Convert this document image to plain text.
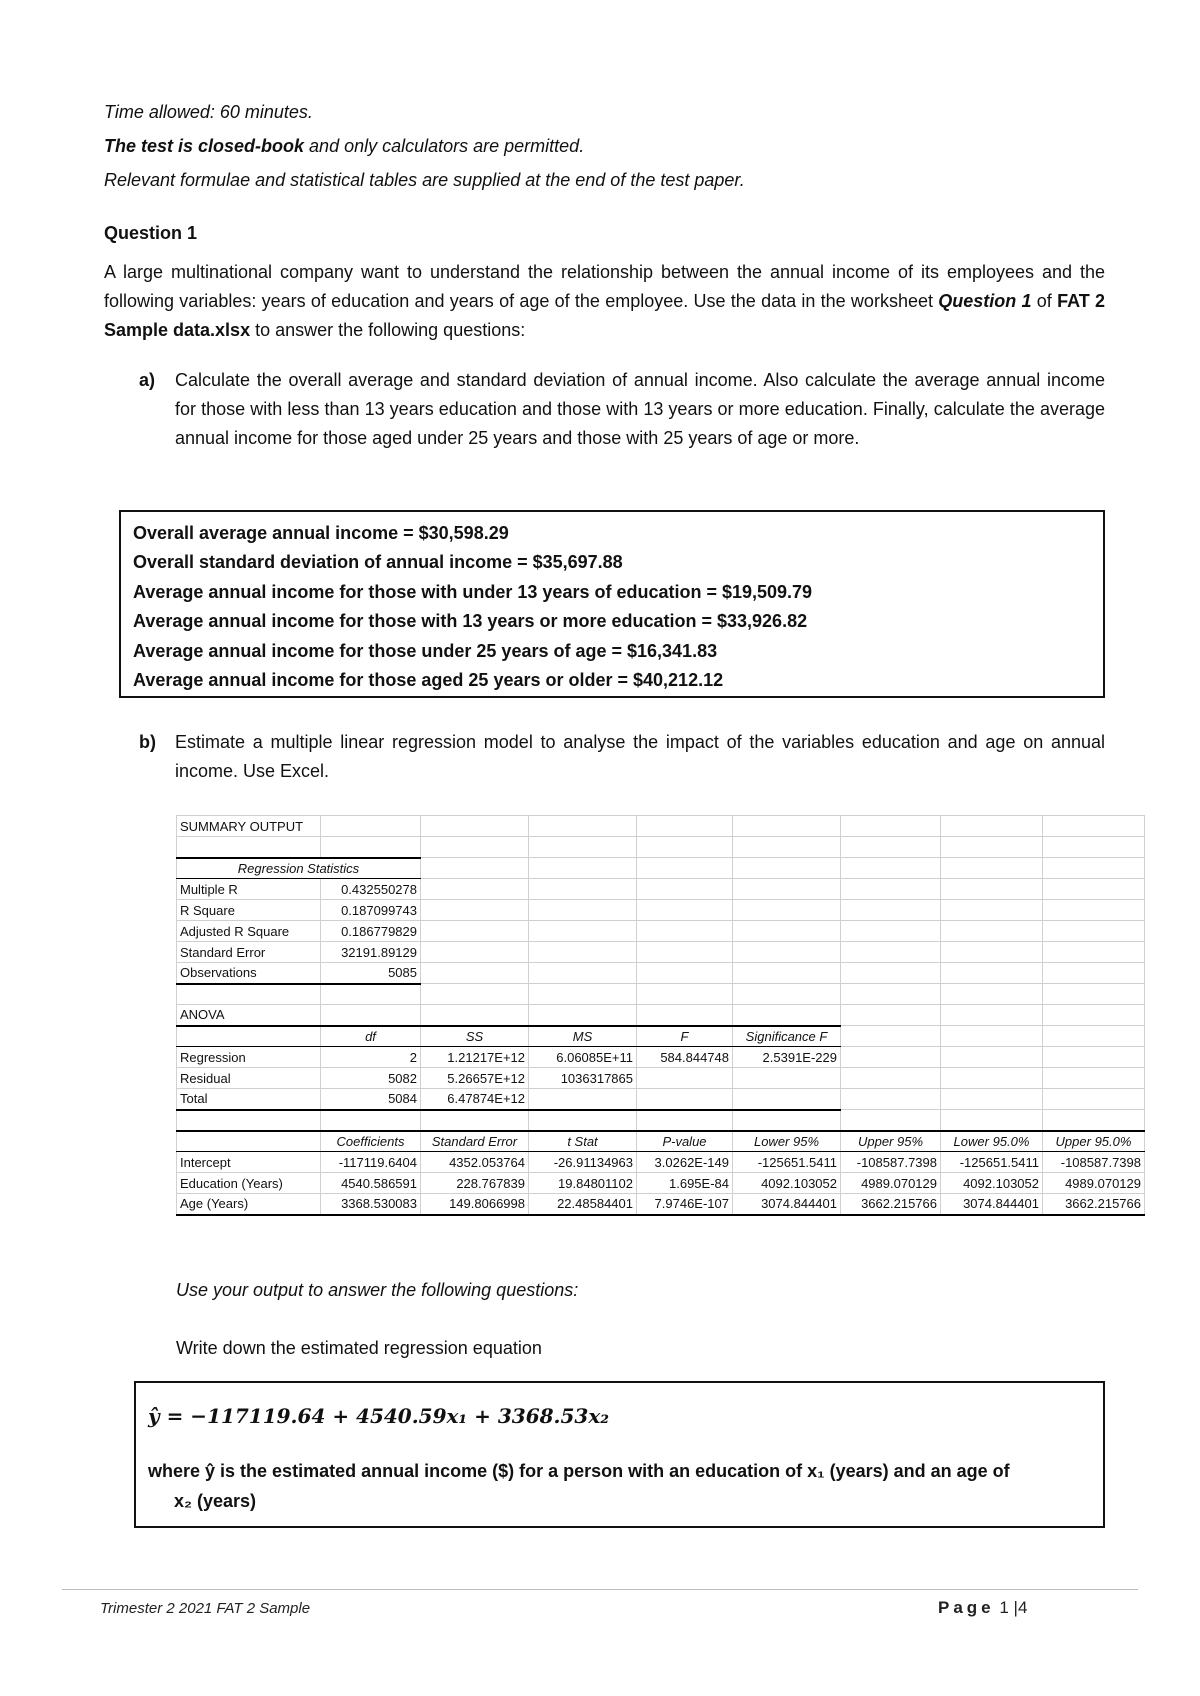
Time allowed: 60 minutes.
The test is closed-book and only calculators are permitted.
Relevant formulae and statistical tables are supplied at the end of the test paper.
Question 1
A large multinational company want to understand the relationship between the annual income of its employees and the following variables: years of education and years of age of the employee. Use the data in the worksheet Question 1 of FAT 2 Sample data.xlsx to answer the following questions:
a) Calculate the overall average and standard deviation of annual income. Also calculate the average annual income for those with less than 13 years education and those with 13 years or more education. Finally, calculate the average annual income for those aged under 25 years and those with 25 years of age or more.
Overall average annual income = $30,598.29
Overall standard deviation of annual income = $35,697.88
Average annual income for those with under 13 years of education = $19,509.79
Average annual income for those with 13 years or more education = $33,926.82
Average annual income for those under 25 years of age = $16,341.83
Average annual income for those aged 25 years or older = $40,212.12
b) Estimate a multiple linear regression model to analyse the impact of the variables education and age on annual income. Use Excel.
SUMMARY OUTPUT								

Regression Statistics								
Multiple R	0.432550278							
R Square	0.187099743							
Adjusted R Square	0.186779829							
Standard Error	32191.89129							
Observations	5085							

ANOVA								
	df	SS	MS	F	Significance F			
Regression	2	1.21217E+12	6.06085E+11	584.844748	2.5391E-229			
Residual	5082	5.26657E+12	1036317865					
Total	5084	6.47874E+12						

	Coefficients	Standard Error	t Stat	P-value	Lower 95%	Upper 95%	Lower 95.0%	Upper 95.0%
Intercept	-117119.6404	4352.053764	-26.91134963	3.0262E-149	-125651.5411	-108587.7398	-125651.5411	-108587.7398
Education (Years)	4540.586591	228.767839	19.84801102	1.695E-84	4092.103052	4989.070129	4092.103052	4989.070129
Age (Years)	3368.530083	149.8066998	22.48584401	7.9746E-107	3074.844401	3662.215766	3074.844401	3662.215766
Use your output to answer the following questions:
Write down the estimated regression equation
ŷ = −117119.64 + 4540.59x₁ + 3368.53x₂
where ŷ is the estimated annual income ($) for a person with an education of x₁ (years) and an age of
x₂ (years)
Trimester 2 2021 FAT 2 Sample	Page 1 |4
